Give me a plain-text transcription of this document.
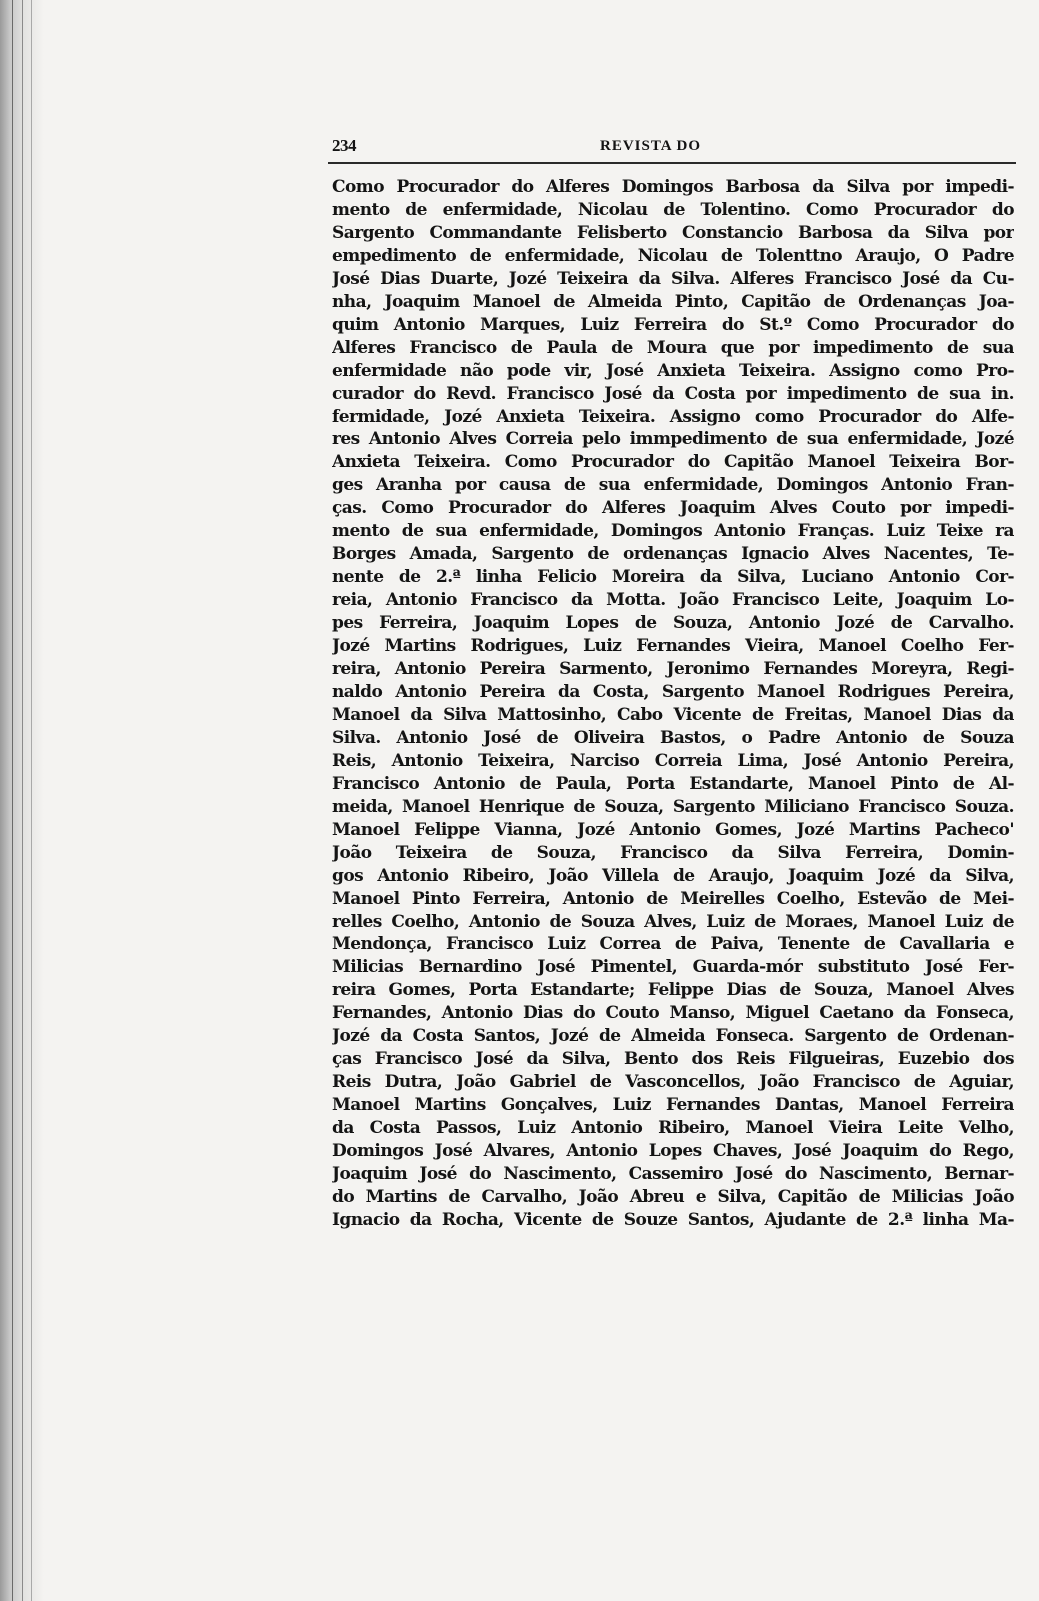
234	REVISTA DO
Como Procurador do Alferes Domingos Barbosa da Silva por impedi-
mento de enfermidade, Nicolau de Tolentino. Como Procurador do
Sargento Commandante Felisberto Constancio Barbosa da Silva por
empedimento de enfermidade, Nicolau de Tolenttno Araujo, O Padre
José Dias Duarte, Jozé Teixeira da Silva. Alferes Francisco José da Cu-
nha, Joaquim Manoel de Almeida Pinto, Capitão de Ordenanças Joa-
quim Antonio Marques, Luiz Ferreira do St.º Como Procurador do
Alferes Francisco de Paula de Moura que por impedimento de sua
enfermidade não pode vir, José Anxieta Teixeira. Assigno como Pro-
curador do Revd. Francisco José da Costa por impedimento de sua in.
fermidade, Jozé Anxieta Teixeira. Assigno como Procurador do Alfe-
res Antonio Alves Correia pelo immpedimento de sua enfermidade, Jozé
Anxieta Teixeira. Como Procurador do Capitão Manoel Teixeira Bor-
ges Aranha por causa de sua enfermidade, Domingos Antonio Fran-
ças. Como Procurador do Alferes Joaquim Alves Couto por impedi-
mento de sua enfermidade, Domingos Antonio Franças. Luiz Teixe ra
Borges Amada, Sargento de ordenanças Ignacio Alves Nacentes, Te-
nente de 2.ª linha Felicio Moreira da Silva, Luciano Antonio Cor-
reia, Antonio Francisco da Motta. João Francisco Leite, Joaquim Lo-
pes Ferreira, Joaquim Lopes de Souza, Antonio Jozé de Carvalho.
Jozé Martins Rodrigues, Luiz Fernandes Vieira, Manoel Coelho Fer-
reira, Antonio Pereira Sarmento, Jeronimo Fernandes Moreyra, Regi-
naldo Antonio Pereira da Costa, Sargento Manoel Rodrigues Pereira,
Manoel da Silva Mattosinho, Cabo Vicente de Freitas, Manoel Dias da
Silva. Antonio José de Oliveira Bastos, o Padre Antonio de Souza
Reis, Antonio Teixeira, Narciso Correia Lima, José Antonio Pereira,
Francisco Antonio de Paula, Porta Estandarte, Manoel Pinto de Al-
meida, Manoel Henrique de Souza, Sargento Miliciano Francisco Souza.
Manoel Felippe Vianna, Jozé Antonio Gomes, Jozé Martins Pacheco'
João Teixeira de Souza, Francisco da Silva Ferreira, Domin-
gos Antonio Ribeiro, João Villela de Araujo, Joaquim Jozé da Silva,
Manoel Pinto Ferreira, Antonio de Meirelles Coelho, Estevão de Mei-
relles Coelho, Antonio de Souza Alves, Luiz de Moraes, Manoel Luiz de
Mendonça, Francisco Luiz Correa de Paiva, Tenente de Cavallaria e
Milicias Bernardino José Pimentel, Guarda-mór substituto José Fer-
reira Gomes, Porta Estandarte; Felippe Dias de Souza, Manoel Alves
Fernandes, Antonio Dias do Couto Manso, Miguel Caetano da Fonseca,
Jozé da Costa Santos, Jozé de Almeida Fonseca. Sargento de Ordenan-
ças Francisco José da Silva, Bento dos Reis Filgueiras, Euzebio dos
Reis Dutra, João Gabriel de Vasconcellos, João Francisco de Aguiar,
Manoel Martins Gonçalves, Luiz Fernandes Dantas, Manoel Ferreira
da Costa Passos, Luiz Antonio Ribeiro, Manoel Vieira Leite Velho,
Domingos José Alvares, Antonio Lopes Chaves, José Joaquim do Rego,
Joaquim José do Nascimento, Cassemiro José do Nascimento, Bernar-
do Martins de Carvalho, João Abreu e Silva, Capitão de Milicias João
Ignacio da Rocha, Vicente de Souze Santos, Ajudante de 2.ª linha Ma-
